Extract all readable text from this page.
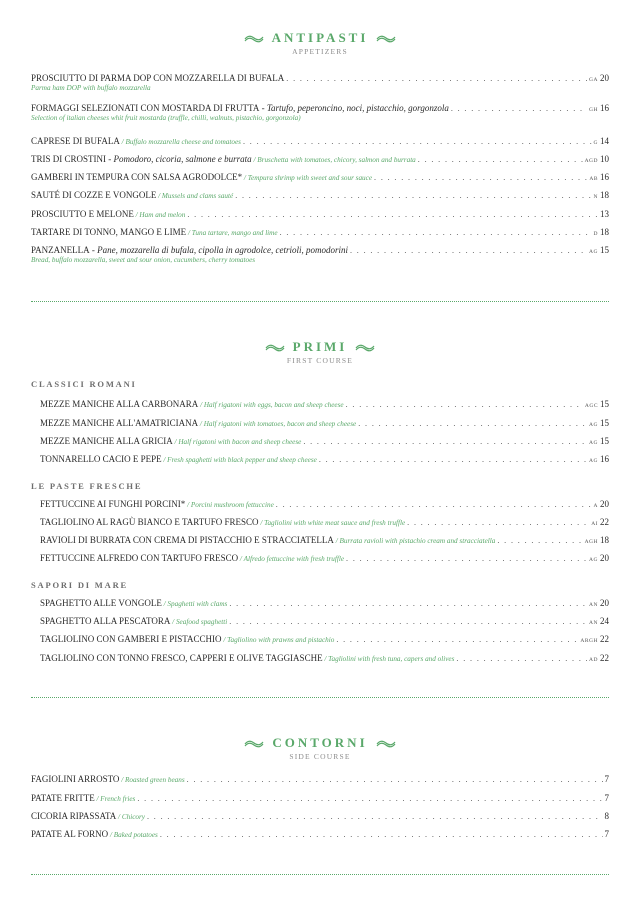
ANTIPASTI
APPETIZERS
PROSCIUTTO DI PARMA DOP CON MOZZARELLA DI BUFALA . . .	GA 20
Parma ham DOP with buffalo mozzarella
FORMAGGI SELEZIONATI CON MOSTARDA DI FRUTTA - Tartufo, peperoncino, noci, pistacchio, gorgonzola . . .	GH 16
Selection of italian cheeses whit fruit mostarda (truffle, chilli, walnuts, pistachio, gorgonzola)
CAPRESE DI BUFALA / Buffalo mozzarella cheese and tomatoes . . .	G 14
TRIS DI CROSTINI - Pomodoro, cicoria, salmone e burrata / Bruschetta with tomatoes, chicory, salmon and burrata . . .	AGD 10
GAMBERI IN TEMPURA CON SALSA AGRODOLCE* / Tempura shrimp with sweet and sour sauce . . .	AB 16
SAUTÉ DI COZZE E VONGOLE / Mussels and clams sauté . . .	N 18
PROSCIUTTO E MELONE / Ham and melon . . .	13
TARTARE DI TONNO, MANGO E LIME / Tuna tartare, mango and lime . . .	D 18
PANZANELLA - Pane, mozzarella di bufala, cipolla in agrodolce, cetrioli, pomodorini . . .	AG 15
Bread, buffalo mozzarella, sweet and sour onion, cucumbers, cherry tomatoes
PRIMI
FIRST COURSE
CLASSICI ROMANI
MEZZE MANICHE ALLA CARBONARA / Half rigatoni with eggs, bacon and sheep cheese . . .	AGC 15
MEZZE MANICHE ALL'AMATRICIANA / Half rigatoni with tomatoes, bacon and sheep cheese . . .	AG 15
MEZZE MANICHE ALLA GRICIA / Half rigatoni with bacon and sheep cheese . . .	AG 15
TONNARELLO CACIO E PEPE / Fresh spaghetti with black pepper and sheep cheese . . .	AG 16
LE PASTE FRESCHE
FETTUCCINE AI FUNGHI PORCINI* / Porcini mushroom fettuccine . . .	A 20
TAGLIOLINO AL RAGÙ BIANCO E TARTUFO FRESCO / Tagliolini with white meat sauce and fresh truffle . . .	AI 22
RAVIOLI DI BURRATA CON CREMA DI PISTACCHIO E STRACCIATELLA / Burrata ravioli with pistachio cream and stracciatella . . .	AGH 18
FETTUCCINE ALFREDO CON TARTUFO FRESCO / Alfredo fettuccine with fresh truffle . . .	AG 20
SAPORI DI MARE
SPAGHETTO ALLE VONGOLE / Spaghetti with clams . . .	AN 20
SPAGHETTO ALLA PESCATORA / Seafood spaghetti . . .	AN 24
TAGLIOLINO CON GAMBERI E PISTACCHIO / Tagliolino with prawns and pistachio . . .	ARGH 22
TAGLIOLINO CON TONNO FRESCO, CAPPERI E OLIVE TAGGIASCHE / Tagliolini with fresh tuna, capers and olives . . .	AD 22
CONTORNI
SIDE COURSE
FAGIOLINI ARROSTO / Roasted green beans . . .	7
PATATE FRITTE / French fries . . .	7
CICORIA RIPASSATA / Chicory . . .	8
PATATE AL FORNO / Baked potatoes . . .	7
